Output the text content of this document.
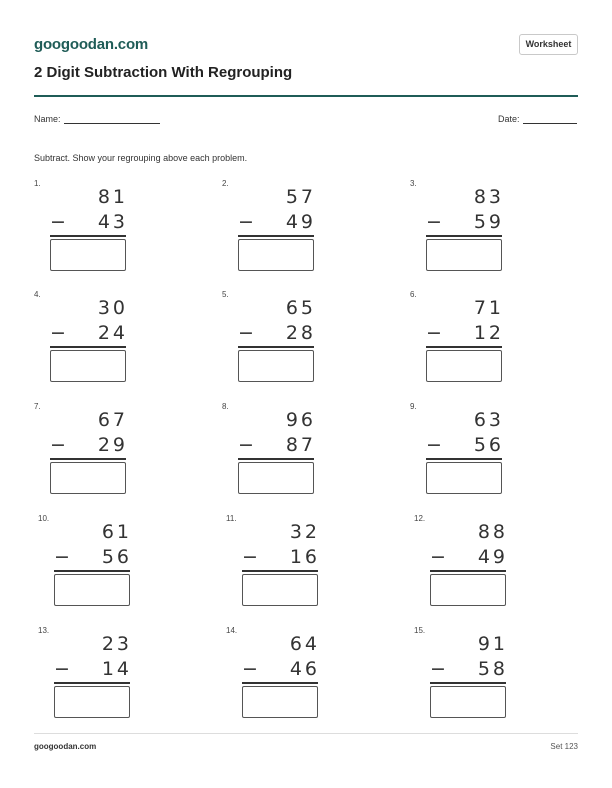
googoodan.com	Worksheet
2 Digit Subtraction With Regrouping
Name:	Date:
Subtract. Show your regrouping above each problem.
1.
81
− 43
2.
57
− 49
3.
83
− 59
4.
30
− 24
5.
65
− 28
6.
71
− 12
7.
67
− 29
8.
96
− 87
9.
63
− 56
10.
61
− 56
11.
32
− 16
12.
88
− 49
13.
23
− 14
14.
64
− 46
15.
91
− 58
googoodan.com	Set 123
